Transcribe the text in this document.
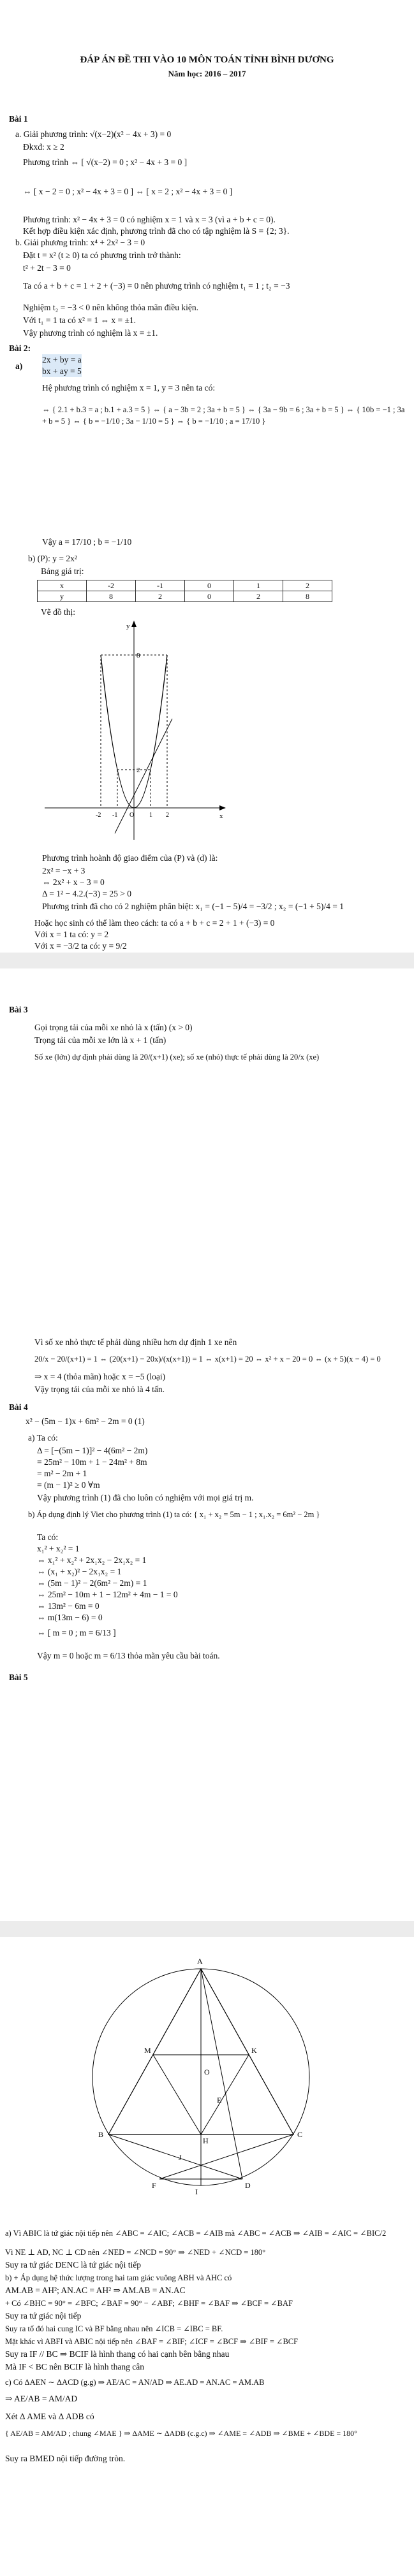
ĐÁP ÁN ĐỀ THI VÀO 10 MÔN TOÁN TỈNH BÌNH DƯƠNG
Năm học: 2016 – 2017
Bài 1
a. Giải phương trình: √(x−2)(x² − 4x + 3) = 0
Đkxđ: x ≥ 2
Phương trình ⇔ [ √(x−2) = 0 ; x² − 4x + 3 = 0 ]
⇔ [ x − 2 = 0 ; x² − 4x + 3 = 0 ] ⇔ [ x = 2 ; x² − 4x + 3 = 0 ]
Phương trình: x² − 4x + 3 = 0 có nghiệm x = 1 và x = 3 (vì a + b + c = 0).
Kết hợp điều kiện xác định, phương trình đã cho có tập nghiệm là S = {2; 3}.
b. Giải phương trình: x⁴ + 2x² − 3 = 0
Đặt t = x² (t ≥ 0) ta có phương trình trở thành:
t² + 2t − 3 = 0
Ta có a + b + c = 1 + 2 + (−3) = 0 nên phương trình có nghiệm t₁ = 1 ; t₂ = −3
Nghiệm t₂ = −3 < 0 nên không thỏa mãn điều kiện.
Với t₁ = 1 ta có x² = 1 ⇔ x = ±1.
Vậy phương trình có nghiệm là x = ±1.
Bài 2:
a)
2x + by = a
bx + ay = 5
Hệ phương trình có nghiệm x = 1, y = 3 nên ta có:
⇔ { 2.1 + b.3 = a ; b.1 + a.3 = 5 } ⇔ { a − 3b = 2 ; 3a + b = 5 } ⇔ { 3a − 9b = 6 ; 3a + b = 5 } ⇔ { 10b = −1 ; 3a + b = 5 } ⇔ { b = −1/10 ; 3a − 1/10 = 5 } ⇔ { b = −1/10 ; a = 17/10 }
Vậy a = 17/10 ; b = −1/10
b) (P): y = 2x²
Bảng giá trị:
x	-2	-1	0	1	2
y	8	2	0	2	8
Vẽ đồ thị:
y
x
8
2
-2 -1 O 1 2
Phương trình hoành độ giao điểm của (P) và (d) là:
2x² = −x + 3
⇔ 2x² + x − 3 = 0
Δ = 1² − 4.2.(−3) = 25 > 0
Phương trình đã cho có 2 nghiệm phân biệt: x₁ = (−1 − 5)/4 = −3/2 ; x₂ = (−1 + 5)/4 = 1
Hoặc học sinh có thể làm theo cách: ta có a + b + c = 2 + 1 + (−3) = 0
Với x = 1 ta có: y = 2
Với x = −3/2 ta có: y = 9/2
Bài 3
Gọi trọng tải của mỗi xe nhỏ là x (tấn) (x > 0)
Trọng tải của mỗi xe lớn là x + 1 (tấn)
Số xe (lớn) dự định phải dùng là 20/(x+1) (xe); số xe (nhỏ) thực tế phải dùng là 20/x (xe)
Vì số xe nhỏ thực tế phải dùng nhiều hơn dự định 1 xe nên
20/x − 20/(x+1) = 1 ⇔ (20(x+1) − 20x)/(x(x+1)) = 1 ⇔ x(x+1) = 20 ⇔ x² + x − 20 = 0 ⇔ (x + 5)(x − 4) = 0
⇒ x = 4 (thỏa mãn) hoặc x = −5 (loại)
Vậy trọng tải của mỗi xe nhỏ là 4 tấn.
Bài 4
x² − (5m − 1)x + 6m² − 2m = 0 (1)
a) Ta có:
Δ = [−(5m − 1)]² − 4(6m² − 2m)
= 25m² − 10m + 1 − 24m² + 8m
= m² − 2m + 1
= (m − 1)² ≥ 0 ∀m
Vậy phương trình (1) đã cho luôn có nghiệm với mọi giá trị m.
b) Áp dụng định lý Viet cho phương trình (1) ta có: { x₁ + x₂ = 5m − 1 ; x₁.x₂ = 6m² − 2m }
Ta có:
x₁² + x₂² = 1
⇔ x₁² + x₂² + 2x₁x₂ − 2x₁x₂ = 1
⇔ (x₁ + x₂)² − 2x₁x₂ = 1
⇔ (5m − 1)² − 2(6m² − 2m) = 1
⇔ 25m² − 10m + 1 − 12m² + 4m − 1 = 0
⇔ 13m² − 6m = 0
⇔ m(13m − 6) = 0
⇔ [ m = 0 ; m = 6/13 ]
Vậy m = 0 hoặc m = 6/13 thỏa mãn yêu cầu bài toán.
Bài 5
A
B	C
D
E
F
H
I
M
O
K
J
a) Vì ABIC là tứ giác nội tiếp nên ∠ABC = ∠AIC; ∠ACB = ∠AIB mà ∠ABC = ∠ACB ⇒ ∠AIB = ∠AIC = ∠BIC/2
Vì NE ⊥ AD, NC ⊥ CD nên ∠NED = ∠NCD = 90° ⇒ ∠NED + ∠NCD = 180°
Suy ra tứ giác DENC là tứ giác nội tiếp
b) + Áp dụng hệ thức lượng trong hai tam giác vuông ABH và AHC có
AM.AB = AH²; AN.AC = AH² ⇒ AM.AB = AN.AC
+ Có ∠BHC = 90° = ∠BFC; ∠BAF = 90° − ∠ABF; ∠BHF = ∠BAF ⇒ ∠BCF = ∠BAF
Suy ra tứ giác nội tiếp
Suy ra tổ đó hai cung IC và BF bằng nhau nên ∠ICB = ∠IBC = BF.
Mặt khác vì ABFI và ABIC nội tiếp nên ∠BAF = ∠BIF; ∠ICF = ∠BCF ⇒ ∠BIF = ∠BCF
Suy ra IF // BC ⇒ BCIF là hình thang có hai cạnh bên bằng nhau
Mà IF < BC nên BCIF là hình thang cân
c) Có ΔAEN ∼ ΔACD (g.g) ⇒ AE/AC = AN/AD ⇒ AE.AD = AN.AC = AM.AB
⇒ AE/AB = AM/AD
Xét Δ AME và Δ ADB có
{ AE/AB = AM/AD ; chung ∠MAE } ⇒ ΔAME ∼ ΔADB (c.g.c) ⇒ ∠AME = ∠ADB ⇒ ∠BME + ∠BDE = 180°
Suy ra BMED nội tiếp đường tròn.
